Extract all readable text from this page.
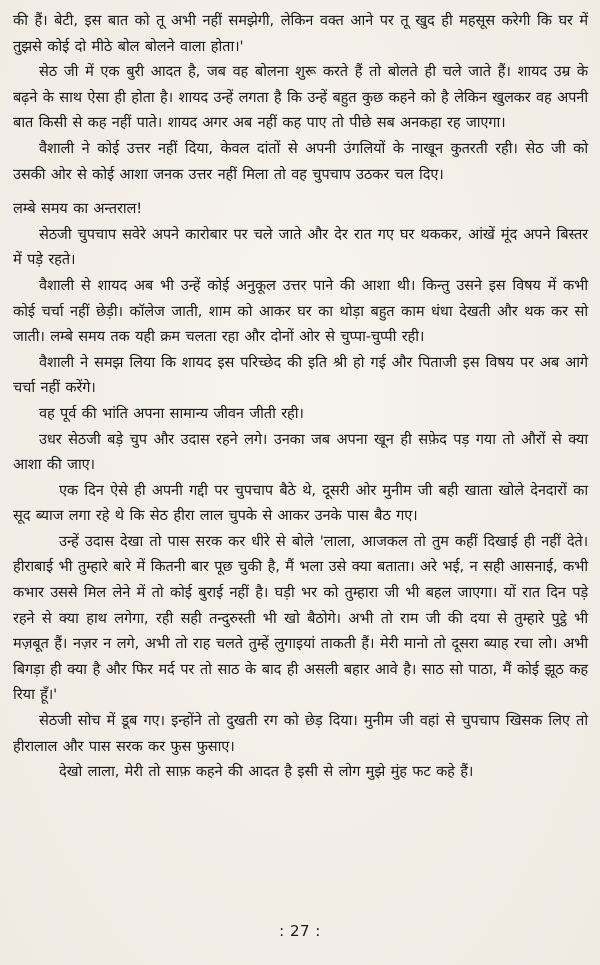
की हैं। बेटी, इस बात को तू अभी नहीं समझेगी, लेकिन वक्त आने पर तू खुद ही महसूस करेगी कि घर में तुझसे कोई दो मीठे बोल बोलने वाला होता।'

सेठ जी में एक बुरी आदत है, जब वह बोलना शुरू करते हैं तो बोलते ही चले जाते हैं। शायद उम्र के बढ़ने के साथ ऐसा ही होता है। शायद उन्हें लगता है कि उन्हें बहुत कुछ कहने को है लेकिन खुलकर वह अपनी बात किसी से कह नहीं पाते। शायद अगर अब नहीं कह पाए तो पीछे सब अनकहा रह जाएगा।

वैशाली ने कोई उत्तर नहीं दिया, केवल दांतों से अपनी उंगलियों के नाखून कुतरती रही। सेठ जी को उसकी ओर से कोई आशा जनक उत्तर नहीं मिला तो वह चुपचाप उठकर चल दिए।

लम्बे समय का अन्तराल!

सेठजी चुपचाप सवेरे अपने कारोबार पर चले जाते और देर रात गए घर थककर, आंखें मूंद अपने बिस्तर में पड़े रहते।

वैशाली से शायद अब भी उन्हें कोई अनुकूल उत्तर पाने की आशा थी। किन्तु उसने इस विषय में कभी कोई चर्चा नहीं छेड़ी। कॉलेज जाती, शाम को आकर घर का थोड़ा बहुत काम धंधा देखती और थक कर सो जाती। लम्बे समय तक यही क्रम चलता रहा और दोनों ओर से चुप्पा-चुप्पी रही।

वैशाली ने समझ लिया कि शायद इस परिच्छेद की इति श्री हो गई और पिताजी इस विषय पर अब आगे चर्चा नहीं करेंगे।

वह पूर्व की भांति अपना सामान्य जीवन जीती रही।

उधर सेठजी बड़े चुप और उदास रहने लगे। उनका जब अपना खून ही सफ़ेद पड़ गया तो औरों से क्या आशा की जाए।

एक दिन ऐसे ही अपनी गद्दी पर चुपचाप बैठे थे, दूसरी ओर मुनीम जी बही खाता खोले देनदारों का सूद ब्याज लगा रहे थे कि सेठ हीरा लाल चुपके से आकर उनके पास बैठ गए।

उन्हें उदास देखा तो पास सरक कर धीरे से बोले 'लाला, आजकल तो तुम कहीं दिखाई ही नहीं देते। हीराबाई भी तुम्हारे बारे में कितनी बार पूछ चुकी है, मैं भला उसे क्या बताता। अरे भई, न सही आसनाई, कभी कभार उससे मिल लेने में तो कोई बुराई नहीं है। घड़ी भर को तुम्हारा जी भी बहल जाएगा। यों रात दिन पड़े रहने से क्या हाथ लगेगा, रही सही तन्दुरुस्ती भी खो बैठोगे। अभी तो राम जी की दया से तुम्हारे पुट्ठे भी मज़बूत हैं। नज़र न लगे, अभी तो राह चलते तुम्हें लुगाइयां ताकती हैं। मेरी मानो तो दूसरा ब्याह रचा लो। अभी बिगड़ा ही क्या है और फिर मर्द पर तो साठ के बाद ही असली बहार आवे है। साठ सो पाठा, मैं कोई झूठ कह रिया हूँ।'

सेठजी सोच में डूब गए। इन्होंने तो दुखती रग को छेड़ दिया। मुनीम जी वहां से चुपचाप खिसक लिए तो हीरालाल और पास सरक कर फुस फुसाए।

देखो लाला, मेरी तो साफ़ कहने की आदत है इसी से लोग मुझे मुंह फट कहे हैं।

: 27 :
